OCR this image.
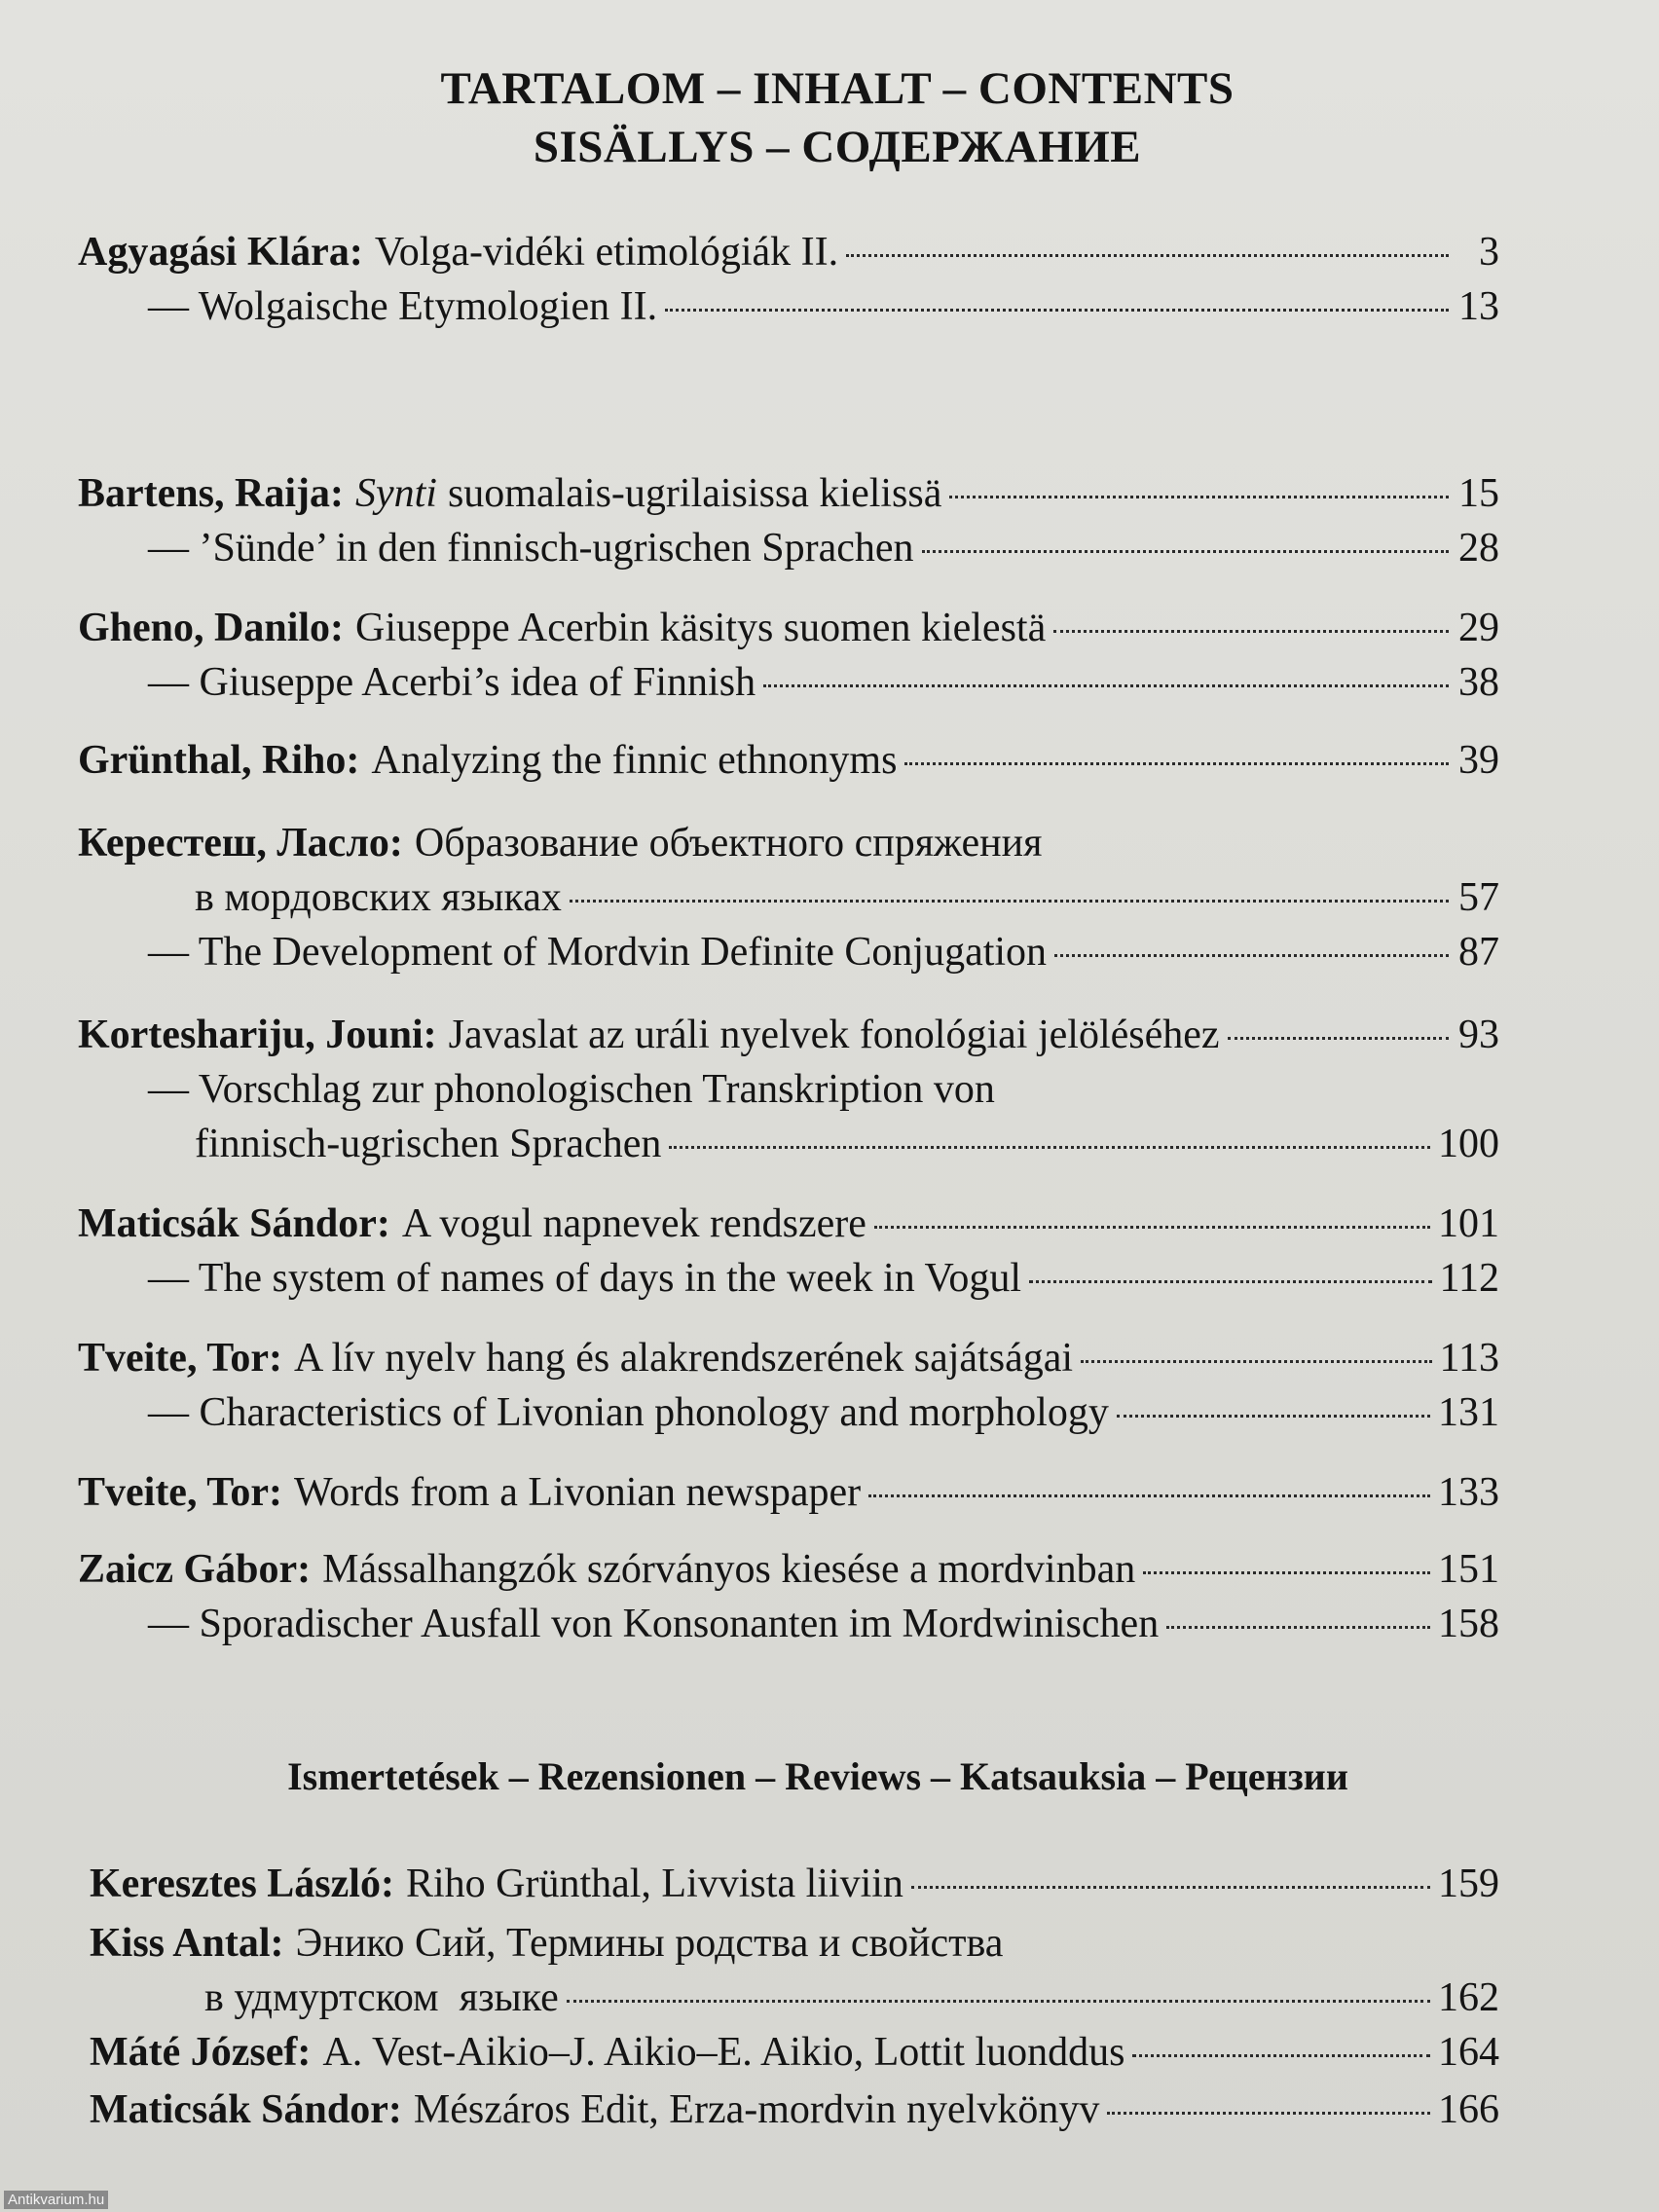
TARTALOM – INHALT – CONTENTS
SISÄLLYS – СОДЕРЖАНИЕ
Agyagási Klára: Volga-vidéki etimológiák II.	3
— Wolgaische Etymologien II.	13
Bartens, Raija: Synti suomalais-ugrilaisissa kielissä	15
— ’Sünde’ in den finnisch-ugrischen Sprachen	28
Gheno, Danilo: Giuseppe Acerbin käsitys suomen kielestä	29
— Giuseppe Acerbi’s idea of Finnish	38
Grünthal, Riho: Analyzing the finnic ethnonyms	39
Керестеш, Ласло: Образование объектного спряжения
в мордовских языках	57
— The Development of Mordvin Definite Conjugation	87
Korteshariju, Jouni: Javaslat az uráli nyelvek fonológiai jelöléséhez	93
— Vorschlag zur phonologischen Transkription von
finnisch-ugrischen Sprachen	100
Maticsák Sándor: A vogul napnevek rendszere	101
— The system of names of days in the week in Vogul	112
Tveite, Tor: A lív nyelv hang és alakrendszerének sajátságai	113
— Characteristics of Livonian phonology and morphology	131
Tveite, Tor: Words from a Livonian newspaper	133
Zaicz Gábor: Mássalhangzók szórványos kiesése a mordvinban	151
— Sporadischer Ausfall von Konsonanten im Mordwinischen	158
Ismertetések – Rezensionen – Reviews – Katsauksia – Рецензии
Keresztes László: Riho Grünthal, Livvista liiviin	159
Kiss Antal: Энико Сий, Термины родства и свойства
в удмуртском  языке	162
Máté József: A. Vest-Aikio–J. Aikio–E. Aikio, Lottit luonddus	164
Maticsák Sándor: Mészáros Edit, Erza-mordvin nyelvkönyv	166
Antikvarium.hu
